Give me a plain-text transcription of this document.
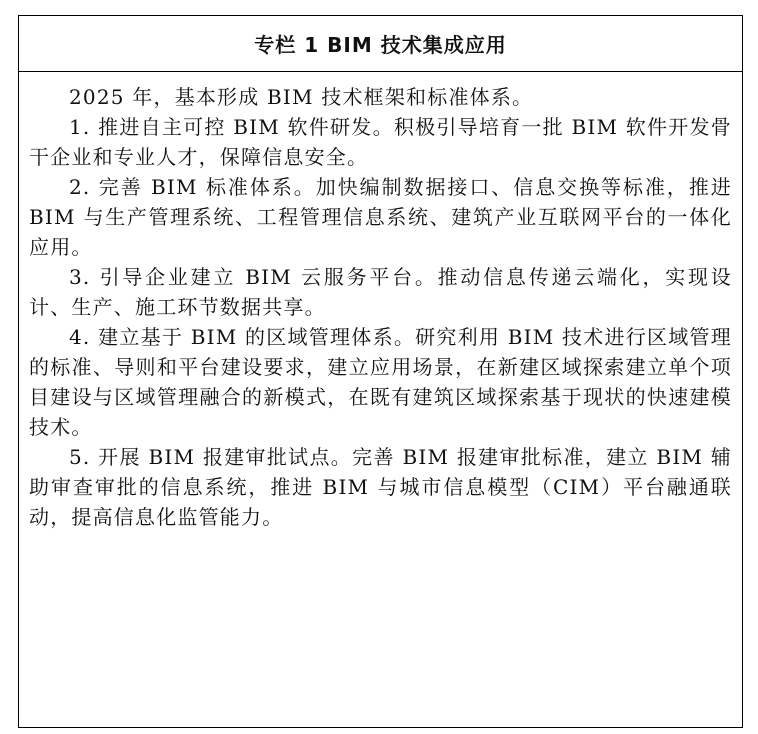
专栏 1 BIM 技术集成应用

2025 年，基本形成 BIM 技术框架和标准体系。

1. 推进自主可控 BIM 软件研发。积极引导培育一批 BIM 软件开发骨干企业和专业人才，保障信息安全。

2. 完善 BIM 标准体系。加快编制数据接口、信息交换等标准，推进 BIM 与生产管理系统、工程管理信息系统、建筑产业互联网平台的一体化应用。

3. 引导企业建立 BIM 云服务平台。推动信息传递云端化，实现设计、生产、施工环节数据共享。

4. 建立基于 BIM 的区域管理体系。研究利用 BIM 技术进行区域管理的标准、导则和平台建设要求，建立应用场景，在新建区域探索建立单个项目建设与区域管理融合的新模式，在既有建筑区域探索基于现状的快速建模技术。

5. 开展 BIM 报建审批试点。完善 BIM 报建审批标准，建立 BIM 辅助审查审批的信息系统，推进 BIM 与城市信息模型（CIM）平台融通联动，提高信息化监管能力。
